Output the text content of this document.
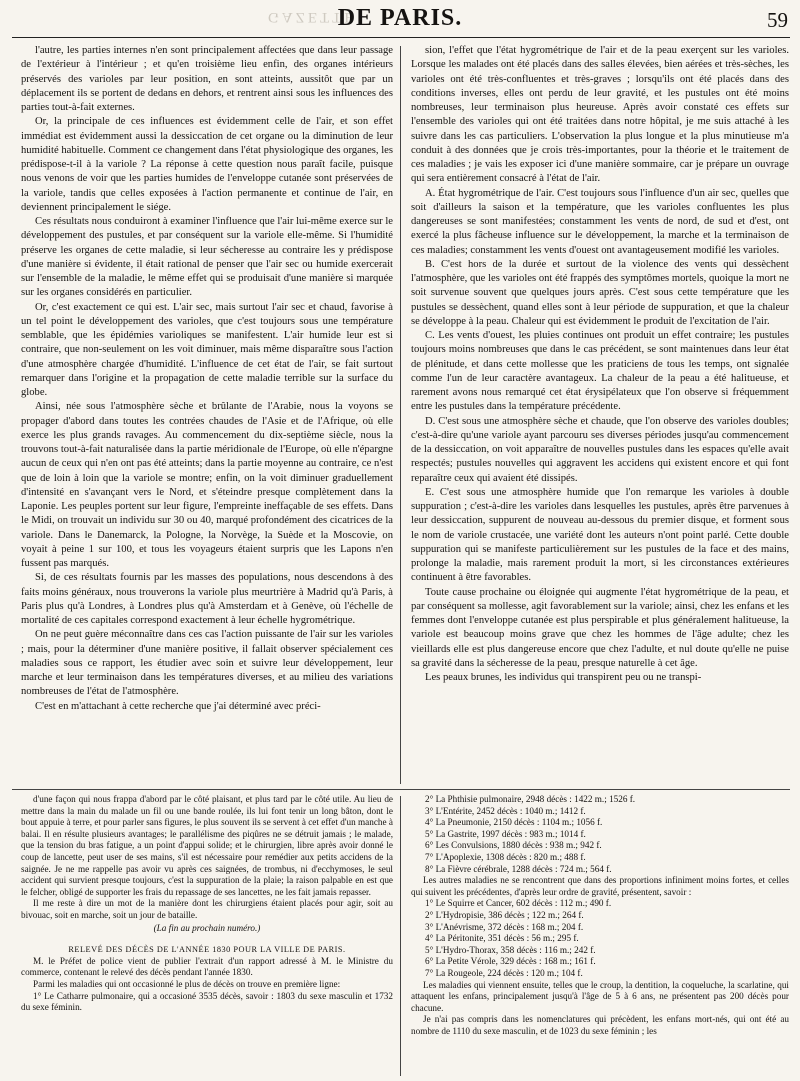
GAZETTE
DE PARIS.	59

l'autre, les parties internes n'en sont principalement affectées que dans leur passage de l'extérieur à l'intérieur ; et qu'en troisième lieu enfin, des organes intérieurs préservés des varioles par leur position, en sont atteints, aussitôt que par un déplacement ils se portent de dedans en dehors, et rentrent ainsi sous les influences des parties tout-à-fait externes.

Or, la principale de ces influences est évidemment celle de l'air, et son effet immédiat est évidemment aussi la dessiccation de cet organe ou la diminution de leur humidité habituelle. Comment ce changement dans l'état physiologique des organes, les prédispose-t-il à la variole ? La réponse à cette question nous paraît facile, puisque nous venons de voir que les parties humides de l'enveloppe cutanée sont préservées de la variole, tandis que celles exposées à l'action permanente et continue de l'air, en deviennent principalement le siége.

Ces résultats nous conduiront à examiner l'influence que l'air lui-même exerce sur le développement des pustules, et par conséquent sur la variole elle-même. Si l'humidité préserve les organes de cette maladie, si leur sécheresse au contraire les y prédispose d'une manière si évidente, il était rational de penser que l'air sec ou humide exercerait sur l'ensemble de la maladie, le même effet qui se produisait d'une manière si marquée sur les organes considérés en particulier.

Or, c'est exactement ce qui est. L'air sec, mais surtout l'air sec et chaud, favorise à un tel point le développement des varioles, que c'est toujours sous une température semblable, que les épidémies varioliques se manifestent. L'air humide leur est si contraire, que non-seulement on les voit diminuer, mais même disparaître sous l'action d'une atmosphère chargée d'humidité. L'influence de cet état de l'air, se fait surtout remarquer dans l'origine et la propagation de cette maladie terrible sur la surface du globe.

Ainsi, née sous l'atmosphère sèche et brûlante de l'Arabie, nous la voyons se propager d'abord dans toutes les contrées chaudes de l'Asie et de l'Afrique, où elle exerce les plus grands ravages. Au commencement du dix-septième siècle, nous la trouvons tout-à-fait naturalisée dans la partie méridionale de l'Europe, où elle n'épargne aucun de ceux qui n'en ont pas été atteints; dans la partie moyenne au contraire, ce n'est que de loin à loin que la variole se montre; enfin, on la voit diminuer graduellement d'intensité en s'avançant vers le Nord, et s'éteindre presque complètement dans la Laponie. Les peuples portent sur leur figure, l'empreinte ineffaçable de ses effets. Dans le Midi, on trouvait un individu sur 30 ou 40, marqué profondément des cicatrices de la variole. Dans le Danemarck, la Pologne, la Norvège, la Suède et la Moscovie, on voyait à peine 1 sur 100, et tous les voyageurs étaient surpris que les Lapons n'en fussent pas marqués.

Si, de ces résultats fournis par les masses des populations, nous descendons à des faits moins généraux, nous trouverons la variole plus meurtrière à Madrid qu'à Paris, à Paris plus qu'à Londres, à Londres plus qu'à Amsterdam et à Genève, où l'échelle de mortalité de ces capitales correspond exactement à leur échelle hygrométrique.

On ne peut guère méconnaître dans ces cas l'action puissante de l'air sur les varioles ; mais, pour la déterminer d'une manière positive, il fallait observer spécialement ces maladies sous ce rapport, les étudier avec soin et suivre leur développement, leur marche et leur terminaison dans les températures diverses, et au milieu des variations nombreuses de l'état de l'atmosphère.

C'est en m'attachant à cette recherche que j'ai déterminé avec préci-

sion, l'effet que l'état hygrométrique de l'air et de la peau exerçent sur les varioles. Lorsque les malades ont été placés dans des salles élevées, bien aérées et très-sèches, les varioles ont été très-confluentes et très-graves ; lorsqu'ils ont été placés dans des conditions inverses, elles ont perdu de leur gravité, et les pustules ont été moins nombreuses, leur terminaison plus heureuse. Après avoir constaté ces effets sur l'ensemble des varioles qui ont été traitées dans notre hôpital, je me suis attaché à les suivre dans les cas particuliers. L'observation la plus longue et la plus minutieuse m'a conduit à des données que je crois très-importantes, pour la théorie et le traitement de ces maladies ; je vais les exposer ici d'une manière sommaire, car je prépare un ouvrage qui sera entièrement consacré à l'état de l'air.

A. État hygrométrique de l'air. C'est toujours sous l'influence d'un air sec, quelles que soit d'ailleurs la saison et la température, que les varioles confluentes les plus dangereuses se sont manifestées; constamment les vents de nord, de sud et d'est, ont exercé la plus fâcheuse influence sur le développement, la marche et la terminaison de ces maladies; constamment les vents d'ouest ont avantageusement modifié les varioles.

B. C'est hors de la durée et surtout de la violence des vents qui dessèchent l'atmosphère, que les varioles ont été frappés des symptômes mortels, quoique la mort ne soit survenue souvent que quelques jours après. C'est sous cette température que les pustules se dessèchent, quand elles sont à leur période de suppuration, et que la chaleur se développe à la peau. Chaleur qui est évidemment le produit de l'excitation de l'air.

C. Les vents d'ouest, les pluies continues ont produit un effet contraire; les pustules toujours moins nombreuses que dans le cas précédent, se sont maintenues dans leur état de plénitude, et dans cette mollesse que les praticiens de tous les temps, ont signalée comme l'un de leur caractère avantageux. La chaleur de la peau a été halitueuse, et rarement avons nous remarqué cet état érysipélateux que l'on observe si fréquemment entre les pustules dans la température précédente.

D. C'est sous une atmosphère sèche et chaude, que l'on observe des varioles doubles; c'est-à-dire qu'une variole ayant parcouru ses diverses périodes jusqu'au commencement de la dessiccation, on voit apparaître de nouvelles pustules dans les espaces qu'elle avait respectés; pustules nouvelles qui aggravent les accidens qui existent encore et qui font reparaître ceux qui avaient été dissipés.

E. C'est sous une atmosphère humide que l'on remarque les varioles à double suppuration ; c'est-à-dire les varioles dans lesquelles les pustules, après être parvenues à leur dessiccation, suppurent de nouveau au-dessous du premier disque, et forment sous le nom de variole crustacée, une variété dont les auteurs n'ont point parlé. Cette double suppuration qui se manifeste particulièrement sur les pustules de la face et des mains, prolonge la maladie, mais rarement produit la mort, si les circonstances extérieures continuent à être favorables.

Toute cause prochaine ou éloignée qui augmente l'état hygrométrique de la peau, et par conséquent sa mollesse, agit favorablement sur la variole; ainsi, chez les enfans et les femmes dont l'enveloppe cutanée est plus perspirable et plus généralement halitueuse, la variole est beaucoup moins grave que chez les hommes de l'âge adulte; chez les vieillards elle est plus dangereuse encore que chez l'adulte, et nul doute qu'elle ne puise sa gravité dans la sécheresse de la peau, presque naturelle à cet âge.

Les peaux brunes, les individus qui transpirent peu ou ne transpi-

d'une façon qui nous frappa d'abord par le côté plaisant, et plus tard par le côté utile. Au lieu de mettre dans la main du malade un fil ou une bande roulée, ils lui font tenir un long bâton, dont le bout appuie à terre, et pour parler sans figures, le plus souvent ils se servent à cet effet d'un manche à balai. Il en résulte plusieurs avantages; le parallélisme des piqûres ne se détruit jamais ; le malade, que la tension du bras fatigue, a un point d'appui solide; et le chirurgien, libre après avoir donné le coup de lancette, peut user de ses mains, s'il est nécessaire pour remédier aux petits accidens de la saignée. Je ne me rappelle pas avoir vu après ces saignées, de trombus, ni d'ecchymoses, le seul accident qui survient presque toujours, c'est la suppuration de la plaie; la raison palpable en est que le felcher, obligé de supporter les frais du repassage de ses lancettes, ne les fait jamais repasser.

Il me reste à dire un mot de la manière dont les chirurgiens étaient placés pour agir, soit au bivouac, soit en marche, soit un jour de bataille.

(La fin au prochain numéro.)

RELEVÉ DES DÉCÈS DE L'ANNÉE 1830 POUR LA VILLE DE PARIS.

M. le Préfet de police vient de publier l'extrait d'un rapport adressé à M. le Ministre du commerce, contenant le relevé des décès pendant l'année 1830.

Parmi les maladies qui ont occasionné le plus de décès on trouve en première ligne:

1° Le Catharre pulmonaire, qui a occasioné 3535 décès, savoir : 1803 du sexe masculin et 1732 du sexe féminin.

2° La Phthisie pulmonaire, 2948 décès : 1422 m.; 1526 f.
3° L'Entérite, 2452 décès : 1040 m.; 1412 f.
4° La Pneumonie, 2150 décès : 1104 m.; 1056 f.
5° La Gastrite, 1997 décès : 983 m.; 1014 f.
6° Les Convulsions, 1880 décès : 938 m.; 942 f.
7° L'Apoplexie, 1308 décès : 820 m.; 488 f.
8° La Fièvre cérébrale, 1288 décès : 724 m.; 564 f.

Les autres maladies ne se rencontrent que dans des proportions infiniment moins fortes, et celles qui suivent les précédentes, d'après leur ordre de gravité, présentent, savoir :

1° Le Squirre et Cancer, 602 décès : 112 m.; 490 f.
2° L'Hydropisie, 386 décès ; 122 m.; 264 f.
3° L'Anévrisme, 372 décès : 168 m.; 204 f.
4° La Péritonite, 351 décès : 56 m.; 295 f.
5° L'Hydro-Thorax, 358 décès : 116 m.; 242 f.
6° La Petite Vérole, 329 décès : 168 m.; 161 f.
7° La Rougeole, 224 décès : 120 m.; 104 f.

Les maladies qui viennent ensuite, telles que le croup, la dentition, la coqueluche, la scarlatine, qui attaquent les enfans, principalement jusqu'à l'âge de 5 à 6 ans, ne présentent pas 200 décès pour chacune.

Je n'ai pas compris dans les nomenclatures qui précèdent, les enfans mort-nés, qui ont été au nombre de 1110 du sexe masculin, et de 1023 du sexe féminin ; les
